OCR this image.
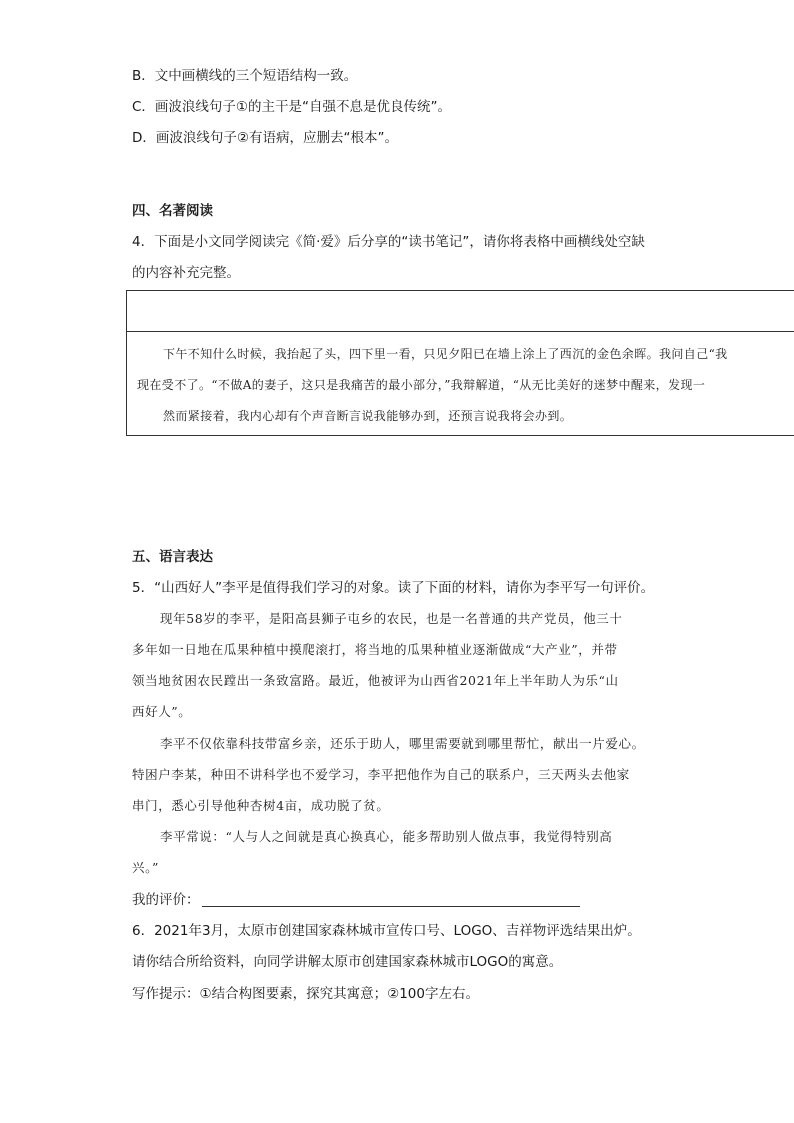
B．文中画横线的三个短语结构一致。
C．画波浪线句子①的主干是“自强不息是优良传统”。
D．画波浪线句子②有语病，应删去“根本”。
四、名著阅读
4．下面是小文同学阅读完《简·爱》后分享的“读书笔记”，请你将表格中画横线处空缺
的内容补充完整。
下午不知什么时候，我抬起了头，四下里一看，只见夕阳已在墙上涂上了西沉的金色余晖。我问自己“我
现在受不了。“不做A的妻子，这只是我痛苦的最小部分，”我辩解道，“从无比美好的迷梦中醒来，发现一
然而紧接着，我内心却有个声音断言说我能够办到，还预言说我将会办到。
五、语言表达
5．“山西好人”李平是值得我们学习的对象。读了下面的材料，请你为李平写一句评价。
现年58岁的李平，是阳高县狮子屯乡的农民，也是一名普通的共产党员，他三十
多年如一日地在瓜果种植中摸爬滚打，将当地的瓜果种植业逐渐做成“大产业”，并带
领当地贫困农民蹚出一条致富路。最近，他被评为山西省2021年上半年助人为乐“山
西好人”。
李平不仅依靠科技带富乡亲，还乐于助人，哪里需要就到哪里帮忙，献出一片爱心。
特困户李某，种田不讲科学也不爱学习，李平把他作为自己的联系户，三天两头去他家
串门，悉心引导他种杏树4亩，成功脱了贫。
李平常说：“人与人之间就是真心换真心，能多帮助别人做点事，我觉得特别高
兴。”
我的评价：
6．2021年3月，太原市创建国家森林城市宣传口号、LOGO、吉祥物评选结果出炉。
请你结合所给资料，向同学讲解太原市创建国家森林城市LOGO的寓意。
写作提示：①结合构图要素，探究其寓意；②100字左右。
